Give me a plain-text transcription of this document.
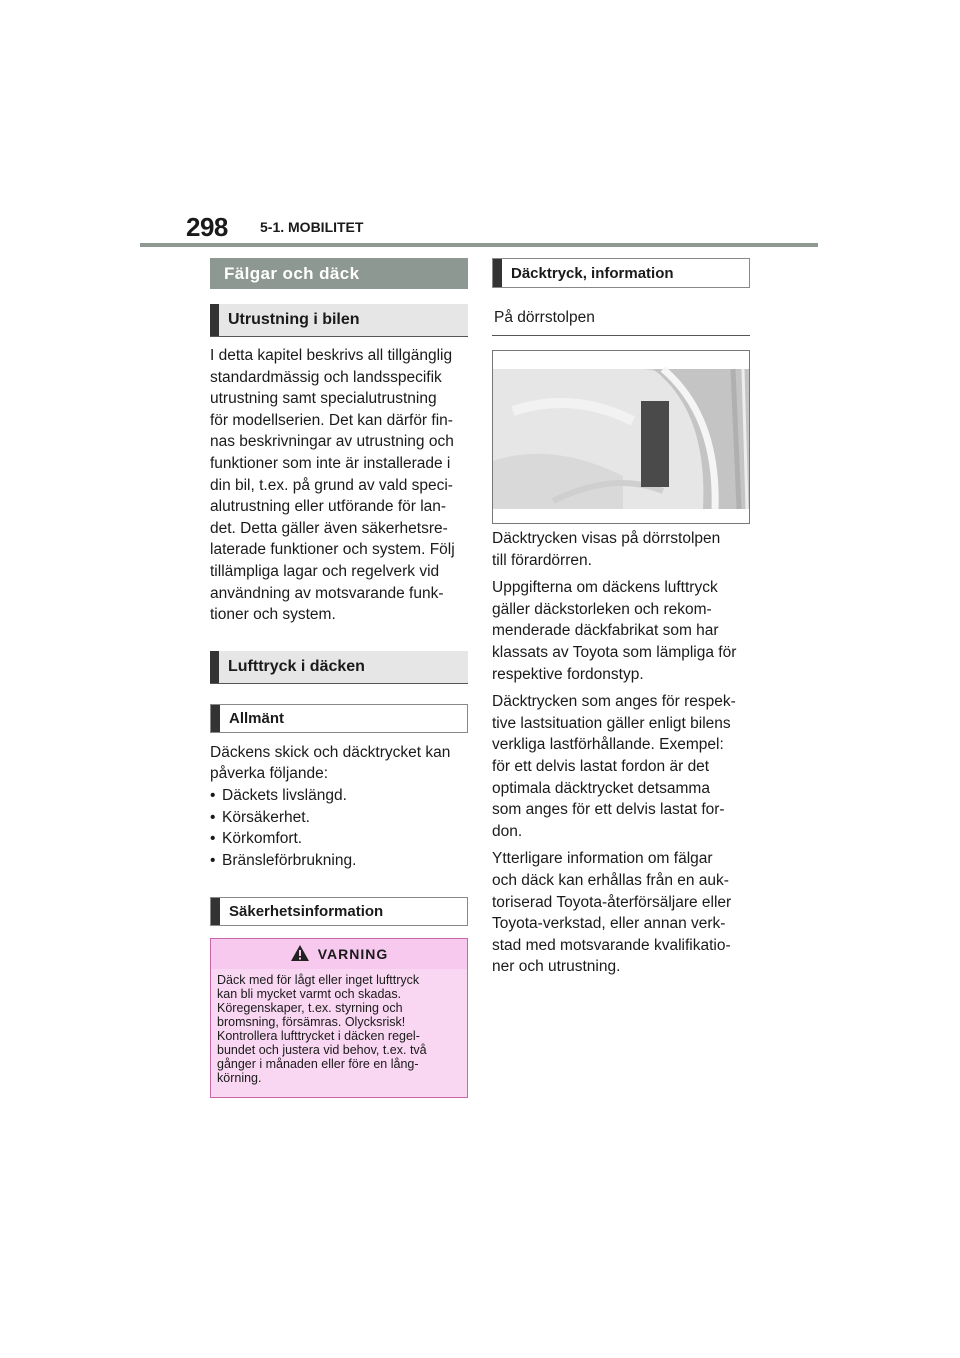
298 5-1. MOBILITET
Fälgar och däck
Utrustning i bilen
I detta kapitel beskrivs all tillgänglig
standardmässig och landsspecifik
utrustning samt specialutrustning
för modellserien. Det kan därför fin-
nas beskrivningar av utrustning och
funktioner som inte är installerade i
din bil, t.ex. på grund av vald speci-
alutrustning eller utförande för lan-
det. Detta gäller även säkerhetsre-
laterade funktioner och system. Följ
tillämpliga lagar och regelverk vid
användning av motsvarande funk-
tioner och system.
Lufttryck i däcken
Allmänt
Däckens skick och däcktrycket kan
påverka följande:
• Däckets livslängd.
• Körsäkerhet.
• Körkomfort.
• Bränsleförbrukning.
Säkerhetsinformation
VARNING
Däck med för lågt eller inget lufttryck
kan bli mycket varmt och skadas.
Köregenskaper, t.ex. styrning och
bromsning, försämras. Olycksrisk!
Kontrollera lufttrycket i däcken regel-
bundet och justera vid behov, t.ex. två
gånger i månaden eller före en lång-
körning.
Däcktryck, information
På dörrstolpen
Däcktrycken visas på dörrstolpen
till förardörren.
Uppgifterna om däckens lufttryck
gäller däckstorleken och rekom-
menderade däckfabrikat som har
klassats av Toyota som lämpliga för
respektive fordonstyp.
Däcktrycken som anges för respek-
tive lastsituation gäller enligt bilens
verkliga lastförhållande. Exempel:
för ett delvis lastat fordon är det
optimala däcktrycket detsamma
som anges för ett delvis lastat for-
don.
Ytterligare information om fälgar
och däck kan erhållas från en auk-
toriserad Toyota-återförsäljare eller
Toyota-verkstad, eller annan verk-
stad med motsvarande kvalifikatio-
ner och utrustning.
